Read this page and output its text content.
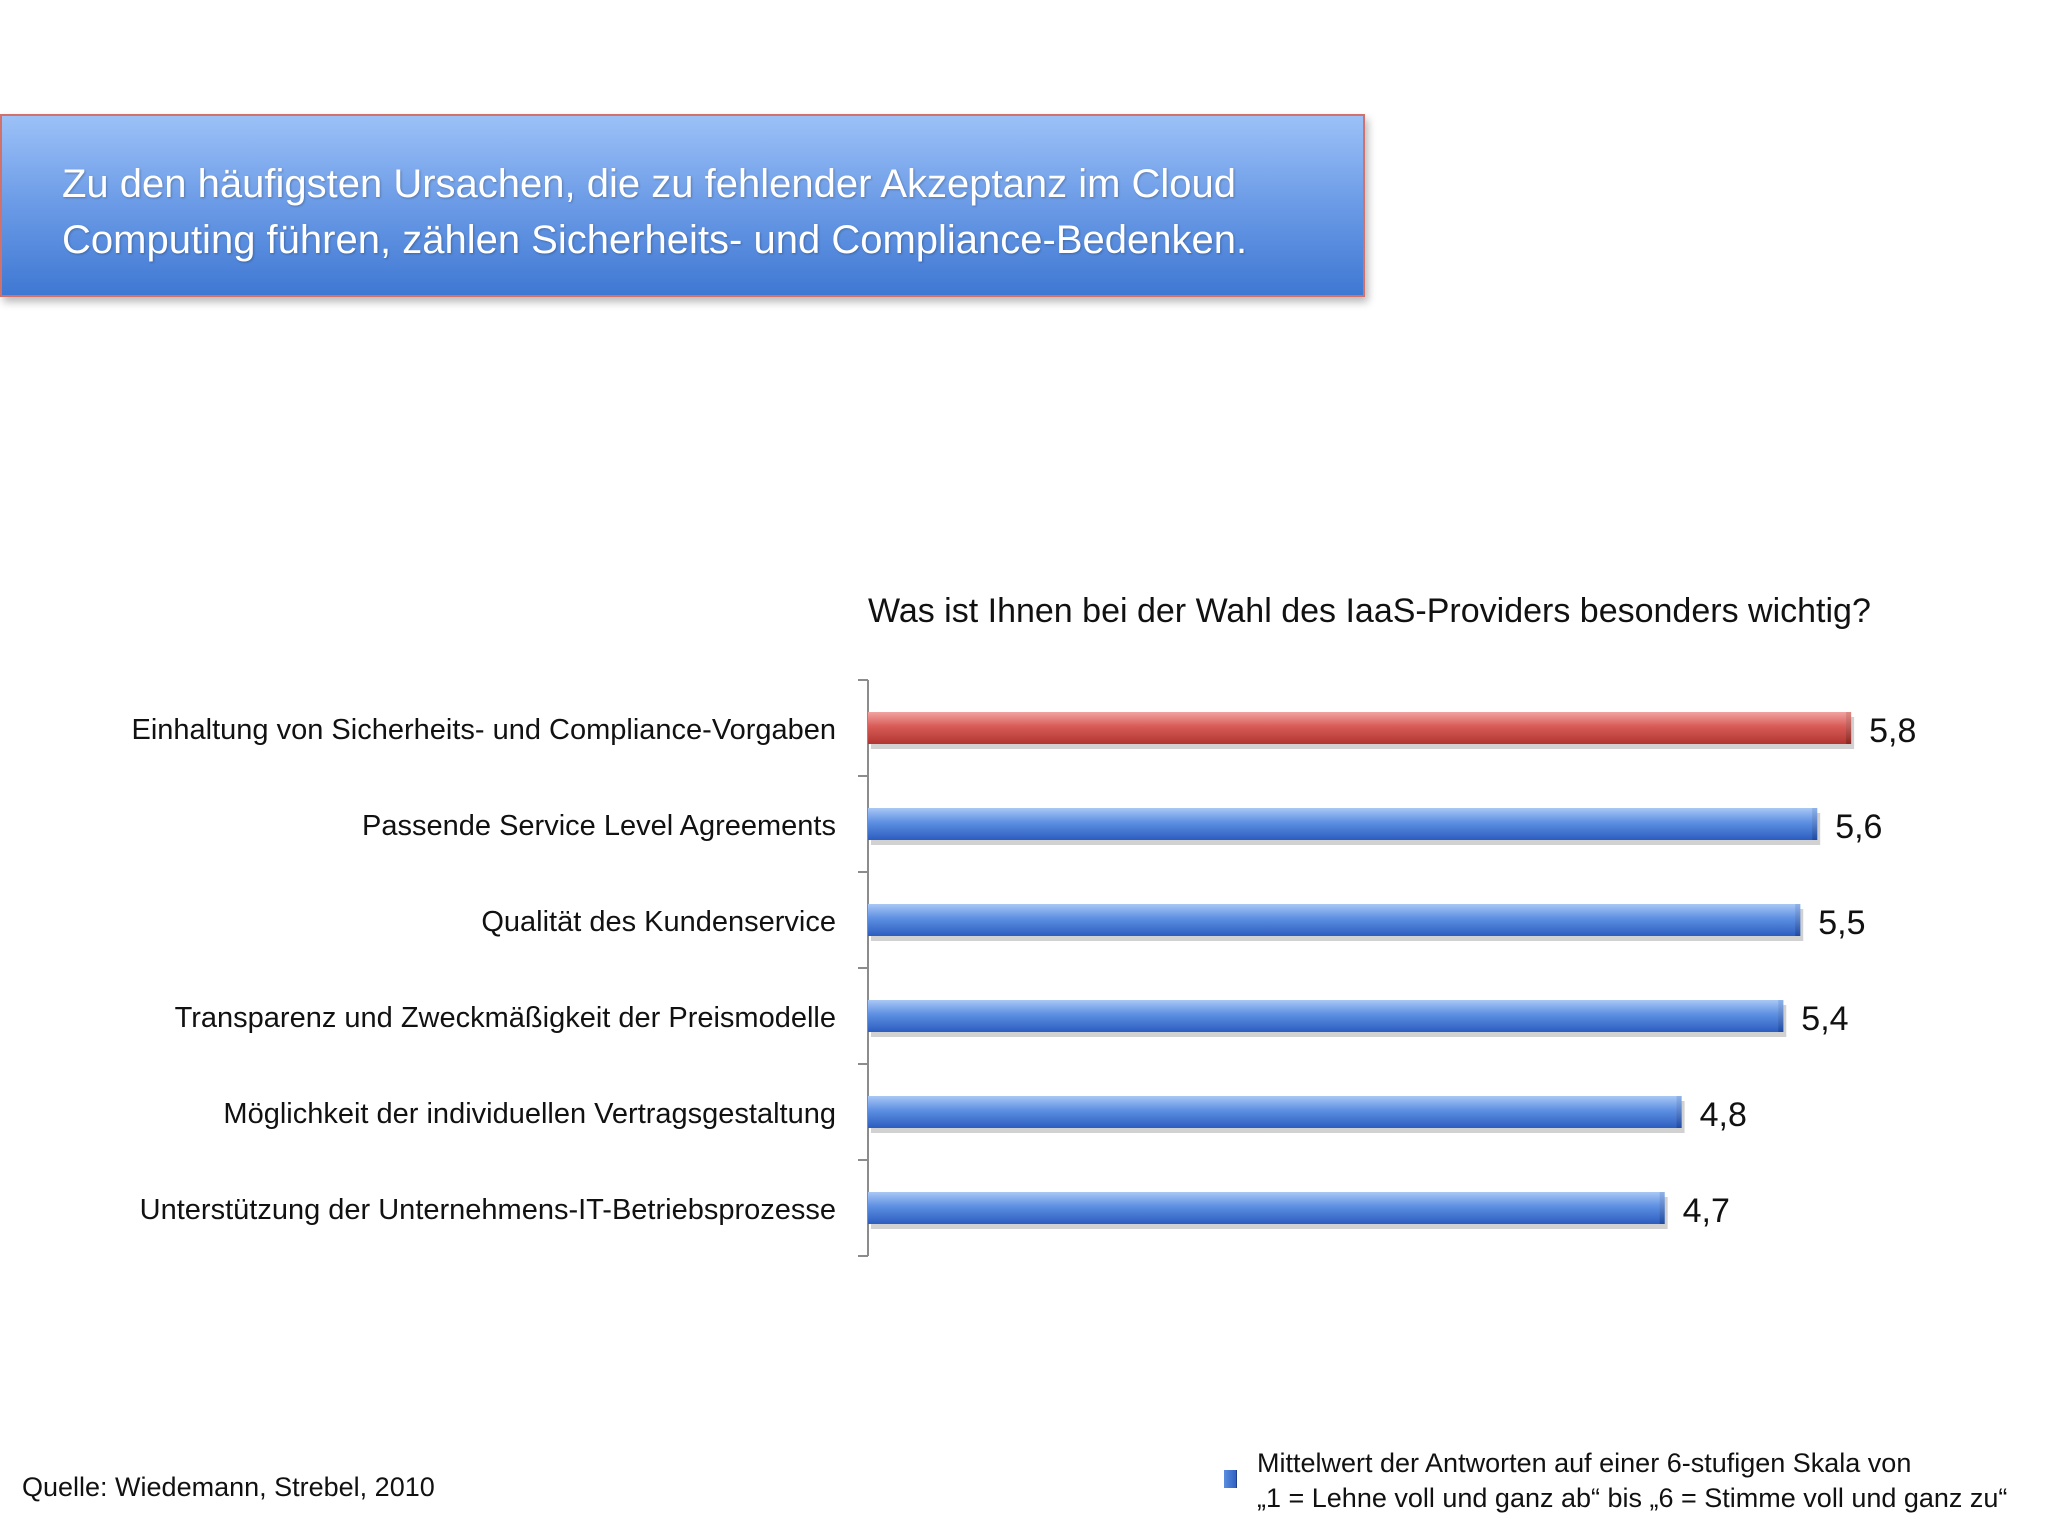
Zu den häufigsten Ursachen, die zu fehlender Akzeptanz im Cloud
Computing führen, zählen Sicherheits- und Compliance-Bedenken.
Was ist Ihnen bei der Wahl des IaaS-Providers besonders wichtig?
Einhaltung von Sicherheits- und Compliance-Vorgaben	5,8
Passende Service Level Agreements	5,6
Qualität des Kundenservice	5,5
Transparenz und Zweckmäßigkeit der Preismodelle	5,4
Möglichkeit der individuellen Vertragsgestaltung	4,8
Unterstützung der Unternehmens-IT-Betriebsprozesse	4,7
Quelle: Wiedemann, Strebel, 2010
Mittelwert der Antworten auf einer 6-stufigen Skala von
„1 = Lehne voll und ganz ab“ bis „6 = Stimme voll und ganz zu“
